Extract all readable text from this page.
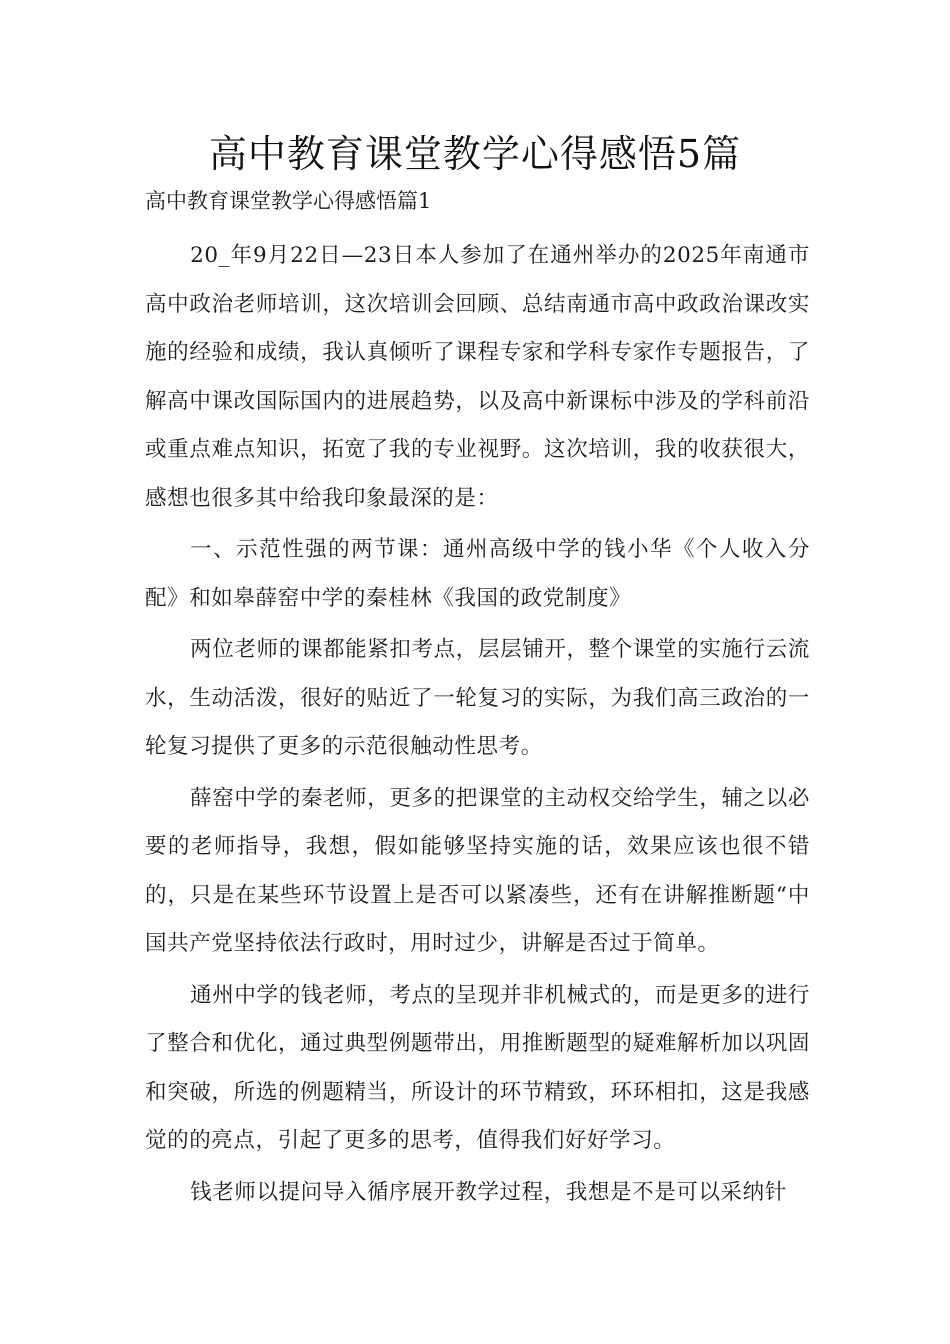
高中教育课堂教学心得感悟5篇

高中教育课堂教学心得感悟篇1

20_年9月22日—23日本人参加了在通州举办的2025年南通市高中政治老师培训，这次培训会回顾、总结南通市高中政政治课改实施的经验和成绩，我认真倾听了课程专家和学科专家作专题报告，了解高中课改国际国内的进展趋势，以及高中新课标中涉及的学科前沿或重点难点知识，拓宽了我的专业视野。这次培训，我的收获很大，感想也很多其中给我印象最深的是：

一、示范性强的两节课：通州高级中学的钱小华《个人收入分配》和如皋薛窑中学的秦桂林《我国的政党制度》

两位老师的课都能紧扣考点，层层铺开，整个课堂的实施行云流水，生动活泼，很好的贴近了一轮复习的实际，为我们高三政治的一轮复习提供了更多的示范很触动性思考。

薛窑中学的秦老师，更多的把课堂的主动权交给学生，辅之以必要的老师指导，我想，假如能够坚持实施的话，效果应该也很不错的，只是在某些环节设置上是否可以紧凑些，还有在讲解推断题“中国共产党坚持依法行政时，用时过少，讲解是否过于简单。

通州中学的钱老师，考点的呈现并非机械式的，而是更多的进行了整合和优化，通过典型例题带出，用推断题型的疑难解析加以巩固和突破，所选的例题精当，所设计的环节精致，环环相扣，这是我感觉的的亮点，引起了更多的思考，值得我们好好学习。

钱老师以提问导入循序展开教学过程，我想是不是可以采纳针
